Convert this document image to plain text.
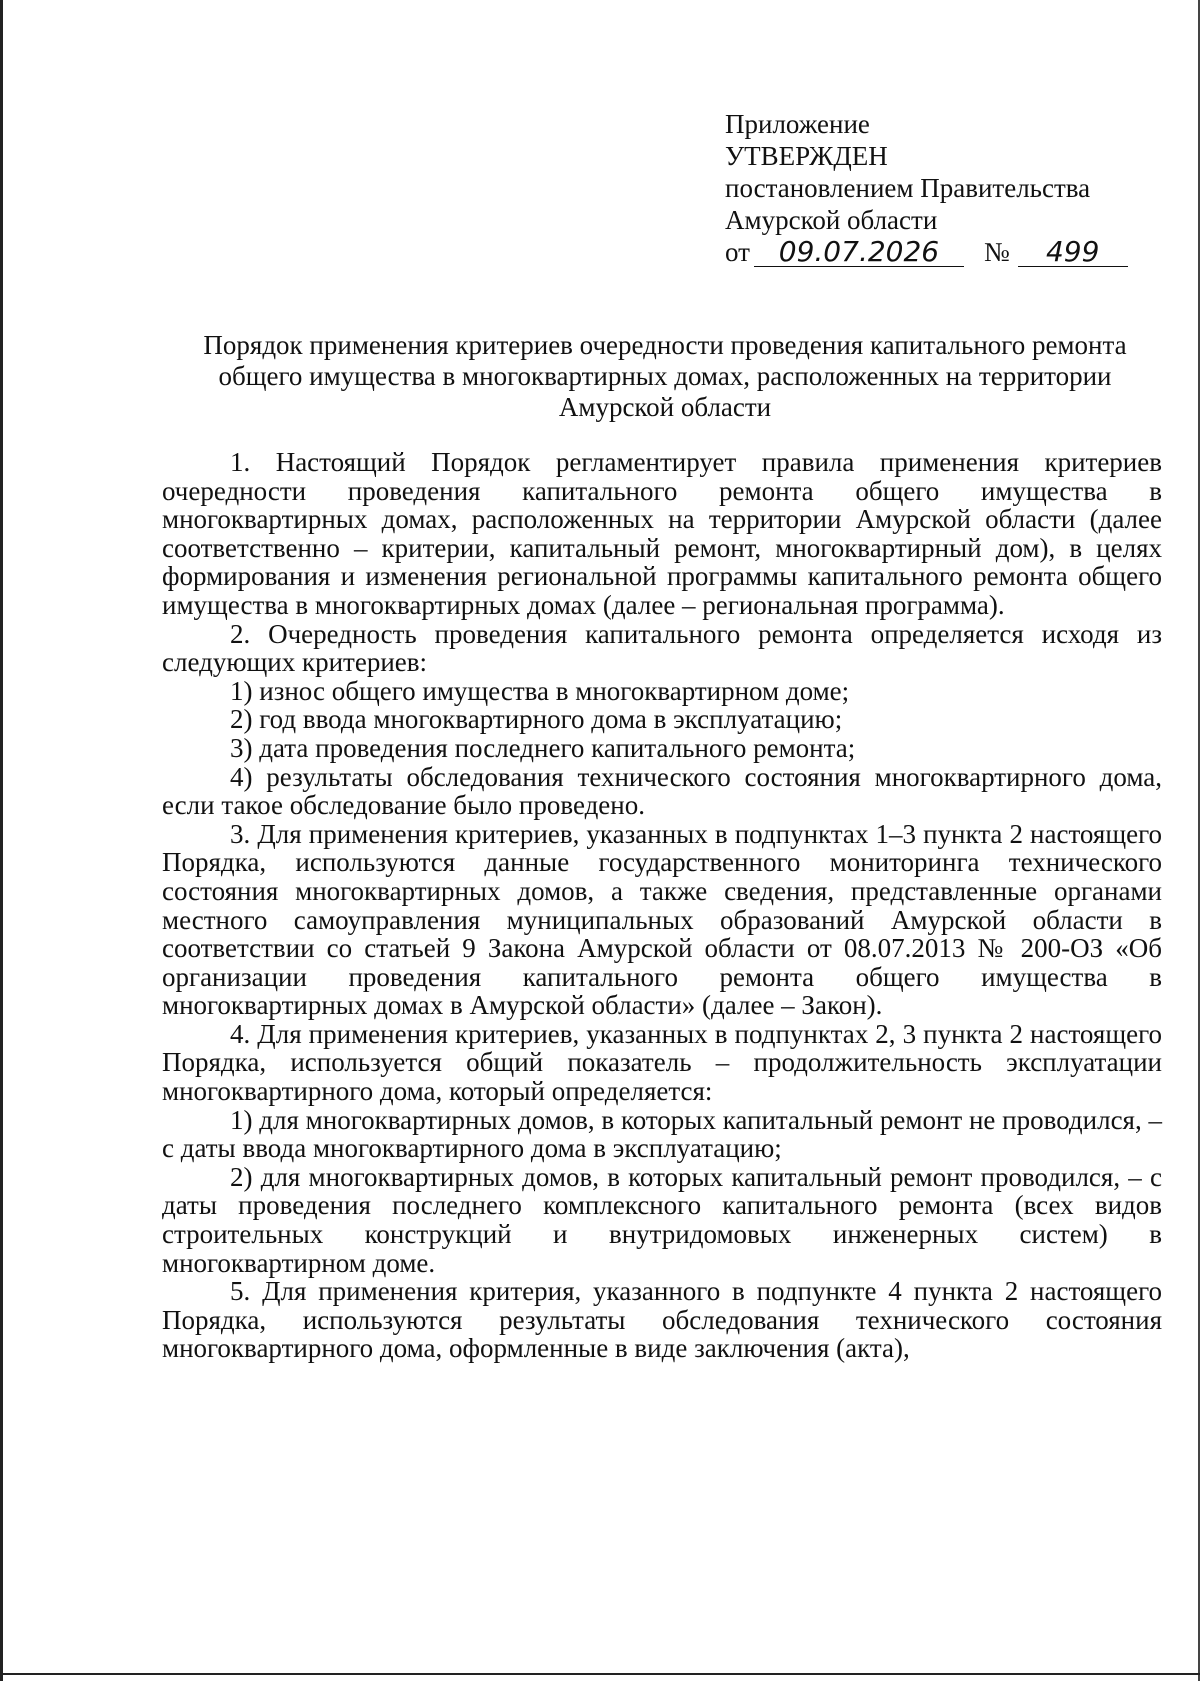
Приложение
УТВЕРЖДЕН
постановлением Правительства
Амурской области
от	09.07.2026	№	499
Порядок применения критериев очередности проведения капитального ремонта общего имущества в многоквартирных домах, расположенных на территории Амурской области

1. Настоящий Порядок регламентирует правила применения критериев очередности проведения капитального ремонта общего имущества в многоквартирных домах, расположенных на территории Амурской области (далее соответственно – критерии, капитальный ремонт, многоквартирный дом), в целях формирования и изменения региональной программы капитального ремонта общего имущества в многоквартирных домах (далее – региональная программа).

2. Очередность проведения капитального ремонта определяется исходя из следующих критериев:

1) износ общего имущества в многоквартирном доме;

2) год ввода многоквартирного дома в эксплуатацию;

3) дата проведения последнего капитального ремонта;

4) результаты обследования технического состояния многоквартирного дома, если такое обследование было проведено.

3. Для применения критериев, указанных в подпунктах 1–3 пункта 2 настоящего Порядка, используются данные государственного мониторинга технического состояния многоквартирных домов, а также сведения, представленные органами местного самоуправления муниципальных образований Амурской области в соответствии со статьей 9 Закона Амурской области от 08.07.2013 № 200-ОЗ «Об организации проведения капитального ремонта общего имущества в многоквартирных домах в Амурской области» (далее – Закон).

4. Для применения критериев, указанных в подпунктах 2, 3 пункта 2 настоящего Порядка, используется общий показатель – продолжительность эксплуатации многоквартирного дома, который определяется:

1) для многоквартирных домов, в которых капитальный ремонт не проводился, – с даты ввода многоквартирного дома в эксплуатацию;

2) для многоквартирных домов, в которых капитальный ремонт проводился, – с даты проведения последнего комплексного капитального ремонта (всех видов строительных конструкций и внутридомовых инженерных систем) в многоквартирном доме.

5. Для применения критерия, указанного в подпункте 4 пункта 2 настоящего Порядка, используются результаты обследования технического состояния многоквартирного дома, оформленные в виде заключения (акта),
